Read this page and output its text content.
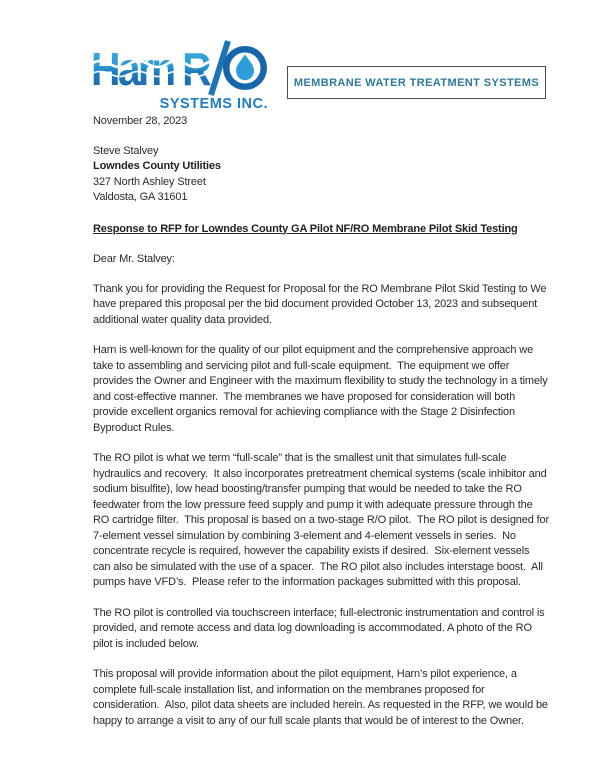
Harn R
SYSTEMS INC.
MEMBRANE WATER TREATMENT SYSTEMS
November 28, 2023
Steve Stalvey
Lowndes County Utilities
327 North Ashley Street
Valdosta, GA 31601
Response to RFP for Lowndes County GA Pilot NF/RO Membrane Pilot Skid Testing
Dear Mr. Stalvey:

Thank you for providing the Request for Proposal for the RO Membrane Pilot Skid Testing to We have prepared this proposal per the bid document provided October 13, 2023 and subsequent additional water quality data provided.

Harn is well-known for the quality of our pilot equipment and the comprehensive approach we take to assembling and servicing pilot and full-scale equipment.  The equipment we offer provides the Owner and Engineer with the maximum flexibility to study the technology in a timely and cost-effective manner.  The membranes we have proposed for consideration will both provide excellent organics removal for achieving compliance with the Stage 2 Disinfection Byproduct Rules.

The RO pilot is what we term “full-scale” that is the smallest unit that simulates full-scale hydraulics and recovery.  It also incorporates pretreatment chemical systems (scale inhibitor and sodium bisulfite), low head boosting/transfer pumping that would be needed to take the RO feedwater from the low pressure feed supply and pump it with adequate pressure through the RO cartridge filter.  This proposal is based on a two-stage R/O pilot.  The RO pilot is designed for 7-element vessel simulation by combining 3-element and 4-element vessels in series.  No concentrate recycle is required, however the capability exists if desired.  Six-element vessels can also be simulated with the use of a spacer.  The RO pilot also includes interstage boost.  All pumps have VFD’s.  Please refer to the information packages submitted with this proposal.

The RO pilot is controlled via touchscreen interface; full-electronic instrumentation and control is provided, and remote access and data log downloading is accommodated. A photo of the RO pilot is included below.

This proposal will provide information about the pilot equipment, Harn’s pilot experience, a complete full-scale installation list, and information on the membranes proposed for consideration.  Also, pilot data sheets are included herein. As requested in the RFP, we would be happy to arrange a visit to any of our full scale plants that would be of interest to the Owner.
